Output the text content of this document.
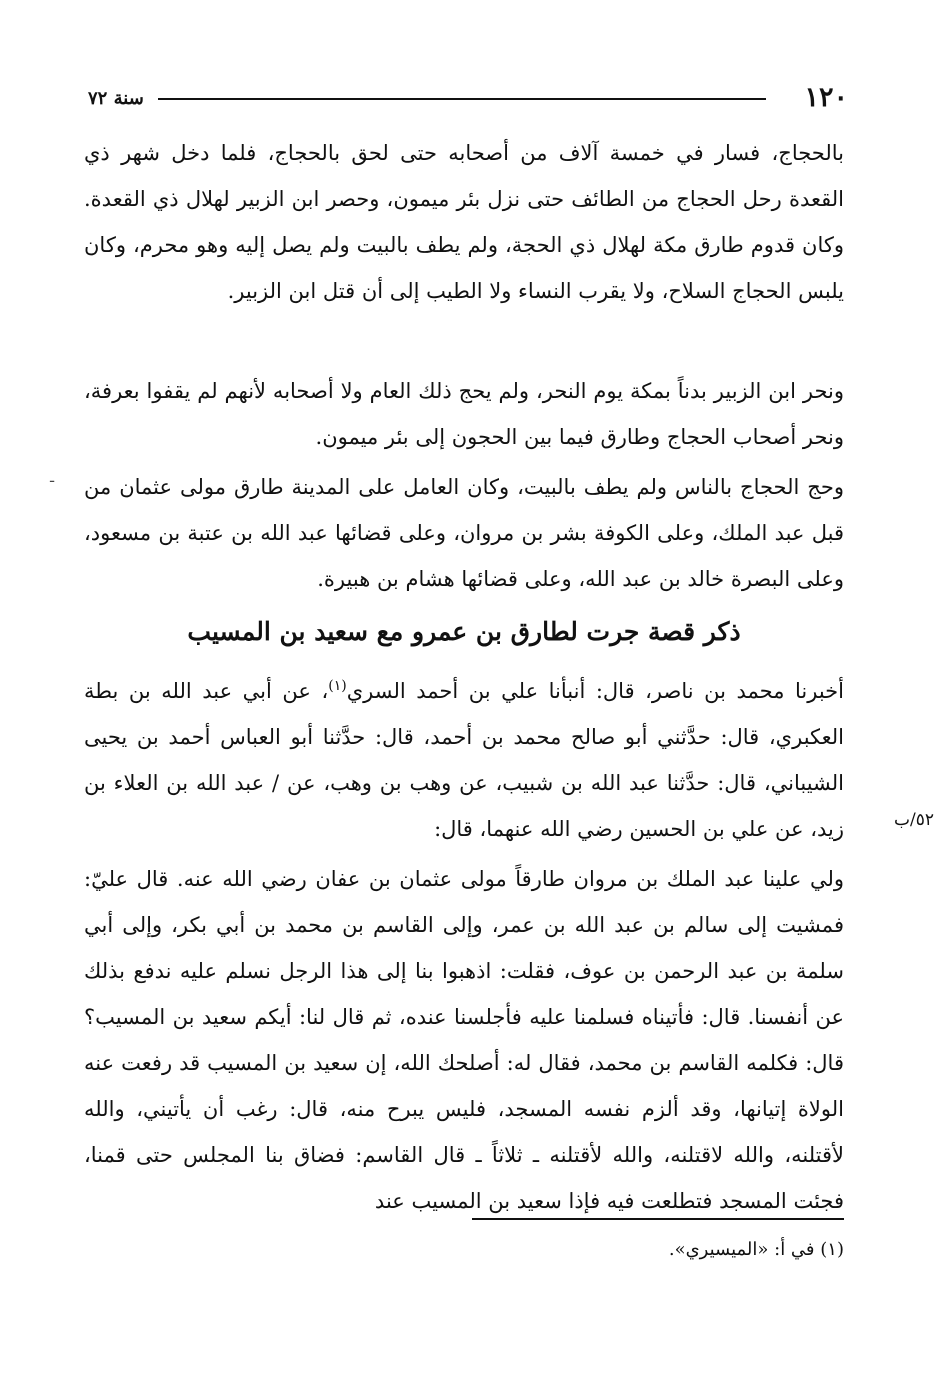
١٢٠
سنة ٧٢
ـ

بالحجاج، فسار في خمسة آلاف من أصحابه حتى لحق بالحجاج، فلما دخل شهر ذي القعدة رحل الحجاج من الطائف حتى نزل بئر ميمون، وحصر ابن الزبير لهلال ذي القعدة. وكان قدوم طارق مكة لهلال ذي الحجة، ولم يطف بالبيت ولم يصل إليه وهو محرم، وكان يلبس الحجاج السلاح، ولا يقرب النساء ولا الطيب إلى أن قتل ابن الزبير.

ونحر ابن الزبير بدناً بمكة يوم النحر، ولم يحج ذلك العام ولا أصحابه لأنهم لم يقفوا بعرفة، ونحر أصحاب الحجاج وطارق فيما بين الحجون إلى بئر ميمون.

وحج الحجاج بالناس ولم يطف بالبيت، وكان العامل على المدينة طارق مولى عثمان من قبل عبد الملك، وعلى الكوفة بشر بن مروان، وعلى قضائها عبد الله بن عتبة بن مسعود، وعلى البصرة خالد بن عبد الله، وعلى قضائها هشام بن هبيرة.

ذكر قصة جرت لطارق بن عمرو مع سعيد بن المسيب

أخبرنا محمد بن ناصر، قال: أنبأنا علي بن أحمد السري$^{(١)}$، عن أبي عبد الله بن بطة العكبري، قال: حدَّثني أبو صالح محمد بن أحمد، قال: حدَّثنا أبو العباس أحمد بن يحيى الشيباني، قال: حدَّثنا عبد الله بن شبيب، عن وهب بن وهب، عن / عبد الله بن العلاء بن زيد، عن علي بن الحسين رضي الله عنهما، قال:	٥٢/ب

ولي علينا عبد الملك بن مروان طارقاً مولى عثمان بن عفان رضي الله عنه. قال عليّ: فمشيت إلى سالم بن عبد الله بن عمر، وإلى القاسم بن محمد بن أبي بكر، وإلى أبي سلمة بن عبد الرحمن بن عوف، فقلت: اذهبوا بنا إلى هذا الرجل نسلم عليه ندفع بذلك عن أنفسنا. قال: فأتيناه فسلمنا عليه فأجلسنا عنده، ثم قال لنا: أيكم سعيد بن المسيب؟ قال: فكلمه القاسم بن محمد، فقال له: أصلحك الله، إن سعيد بن المسيب قد رفعت عنه الولاة إتيانها، وقد ألزم نفسه المسجد، فليس يبرح منه، قال: رغب أن يأتيني، والله لأقتلنه، والله لاقتلنه، والله لأقتلنه ـ ثلاثاً ـ قال القاسم: فضاق بنا المجلس حتى قمنا، فجئت المسجد فتطلعت فيه فإذا سعيد بن المسيب عند

(١) في أ: «الميسيري».
